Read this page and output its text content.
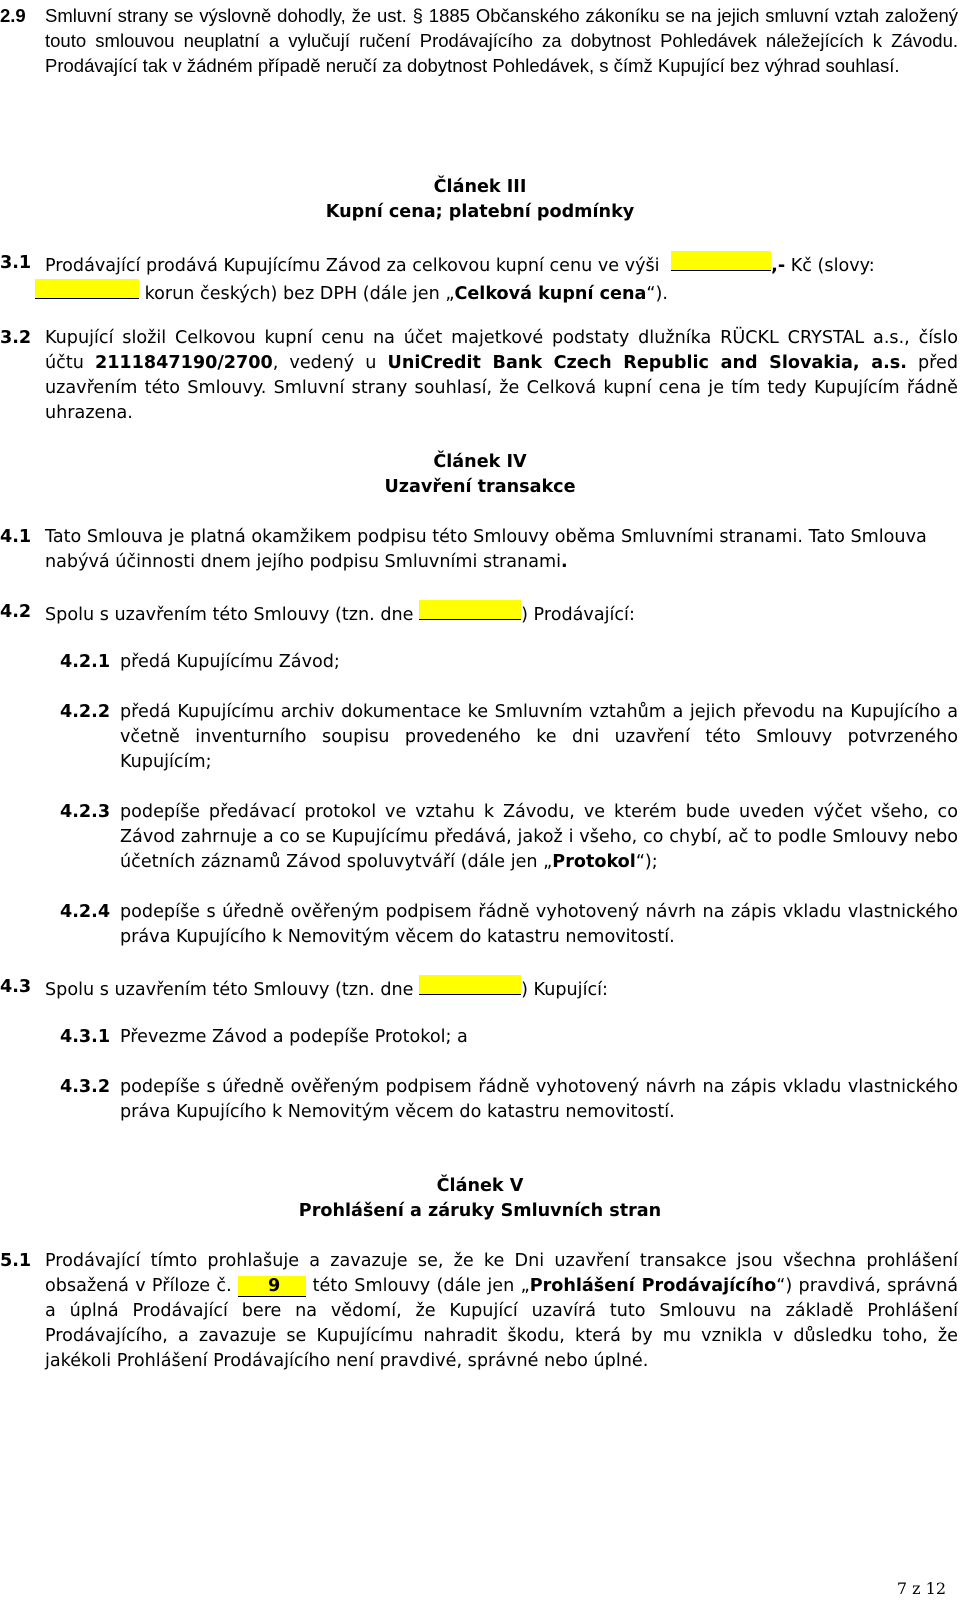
2.9 Smluvní strany se výslovně dohodly, že ust. § 1885 Občanského zákoníku se na jejich smluvní vztah založený touto smlouvou neuplatní a vylučují ručení Prodávajícího za dobytnost Pohledávek náležejících k Závodu. Prodávající tak v žádném případě neručí za dobytnost Pohledávek, s čímž Kupující bez výhrad souhlasí.
Článek III
Kupní cena; platební podmínky
3.1 Prodávající prodává Kupujícímu Závod za celkovou kupní cenu ve výši	,- Kč (slovy:
korun českých) bez DPH (dále jen „Celková kupní cena“).
3.2 Kupující složil Celkovou kupní cenu na účet majetkové podstaty dlužníka RÜCKL CRYSTAL a.s., číslo účtu 2111847190/2700, vedený u UniCredit Bank Czech Republic and Slovakia, a.s. před uzavřením této Smlouvy. Smluvní strany souhlasí, že Celková kupní cena je tím tedy Kupujícím řádně uhrazena.
Článek IV
Uzavření transakce
4.1 Tato Smlouva je platná okamžikem podpisu této Smlouvy oběma Smluvními stranami. Tato Smlouva nabývá účinnosti dnem jejího podpisu Smluvními stranami.
4.2 Spolu s uzavřením této Smlouvy (tzn. dne	) Prodávající:
4.2.1 předá Kupujícímu Závod;
4.2.2 předá Kupujícímu archiv dokumentace ke Smluvním vztahům a jejich převodu na Kupujícího a včetně inventurního soupisu provedeného ke dni uzavření této Smlouvy potvrzeného Kupujícím;
4.2.3 podepíše předávací protokol ve vztahu k Závodu, ve kterém bude uveden výčet všeho, co Závod zahrnuje a co se Kupujícímu předává, jakož i všeho, co chybí, ač to podle Smlouvy nebo účetních záznamů Závod spoluvytváří (dále jen „Protokol“);
4.2.4 podepíše s úředně ověřeným podpisem řádně vyhotovený návrh na zápis vkladu vlastnického práva Kupujícího k Nemovitým věcem do katastru nemovitostí.
4.3 Spolu s uzavřením této Smlouvy (tzn. dne	) Kupující:
4.3.1 Převezme Závod a podepíše Protokol; a
4.3.2 podepíše s úředně ověřeným podpisem řádně vyhotovený návrh na zápis vkladu vlastnického práva Kupujícího k Nemovitým věcem do katastru nemovitostí.
Článek V
Prohlášení a záruky Smluvních stran
5.1 Prodávající tímto prohlašuje a zavazuje se, že ke Dni uzavření transakce jsou všechna prohlášení obsažená v Příloze č. 9 této Smlouvy (dále jen „Prohlášení Prodávajícího“) pravdivá, správná a úplná Prodávající bere na vědomí, že Kupující uzavírá tuto Smlouvu na základě Prohlášení Prodávajícího, a zavazuje se Kupujícímu nahradit škodu, která by mu vznikla v důsledku toho, že jakékoli Prohlášení Prodávajícího není pravdivé, správné nebo úplné.
7 z 12
